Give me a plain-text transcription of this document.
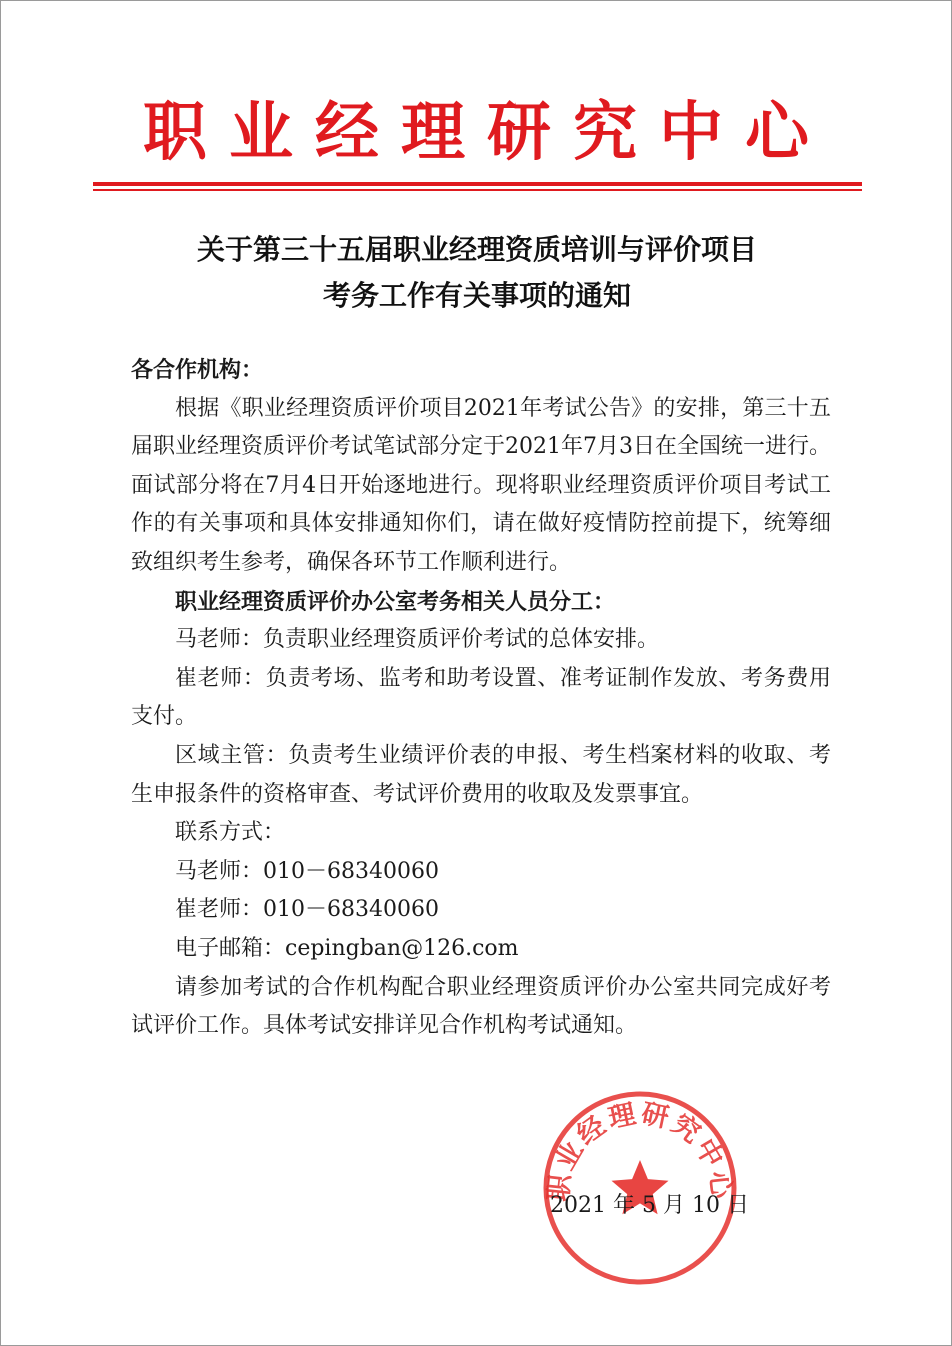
职业经理研究中心
关于第三十五届职业经理资质培训与评价项目
考务工作有关事项的通知

各合作机构：

根据《职业经理资质评价项目2021年考试公告》的安排，第三十五届职业经理资质评价考试笔试部分定于2021年7月3日在全国统一进行。面试部分将在7月4日开始逐地进行。现将职业经理资质评价项目考试工作的有关事项和具体安排通知你们，请在做好疫情防控前提下，统筹细致组织考生参考，确保各环节工作顺利进行。

职业经理资质评价办公室考务相关人员分工：

马老师：负责职业经理资质评价考试的总体安排。

崔老师：负责考场、监考和助考设置、准考证制作发放、考务费用支付。

区域主管：负责考生业绩评价表的申报、考生档案材料的收取、考生申报条件的资格审查、考试评价费用的收取及发票事宜。

联系方式：

马老师：010－68340060

崔老师：010－68340060

电子邮箱：cepingban@126.com

请参加考试的合作机构配合职业经理资质评价办公室共同完成好考试评价工作。具体考试安排详见合作机构考试通知。

职业经理研究中心
2021 年 5 月 10 日
